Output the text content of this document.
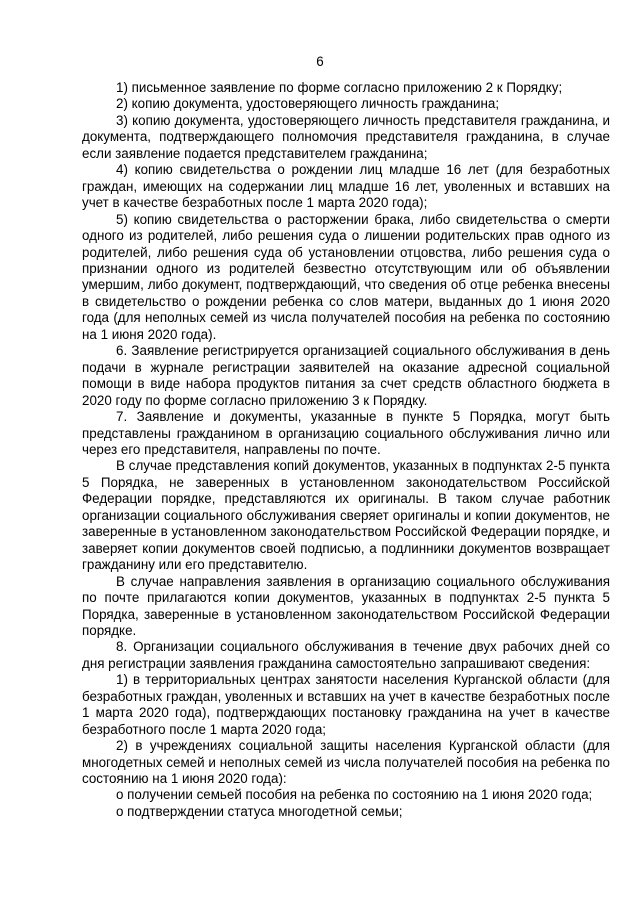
6

1) письменное заявление по форме согласно приложению 2 к Порядку;

2) копию документа, удостоверяющего личность гражданина;

3) копию документа, удостоверяющего личность представителя гражданина, и документа, подтверждающего полномочия представителя гражданина, в случае если заявление подается представителем гражданина;

4) копию свидетельства о рождении лиц младше 16 лет (для безработных граждан, имеющих на содержании лиц младше 16 лет, уволенных и вставших на учет в качестве безработных после 1 марта 2020 года);

5) копию свидетельства о расторжении брака, либо свидетельства о смерти одного из родителей, либо решения суда о лишении родительских прав одного из родителей, либо решения суда об установлении отцовства, либо решения суда о признании одного из родителей безвестно отсутствующим или об объявлении умершим, либо документ, подтверждающий, что сведения об отце ребенка внесены в свидетельство о рождении ребенка со слов матери, выданных до 1 июня 2020 года (для неполных семей из числа получателей пособия на ребенка по состоянию на 1 июня 2020 года).

6. Заявление регистрируется организацией социального обслуживания в день подачи в журнале регистрации заявителей на оказание адресной социальной помощи в виде набора продуктов питания за счет средств областного бюджета в 2020 году по форме согласно приложению 3 к Порядку.

7. Заявление и документы, указанные в пункте 5 Порядка, могут быть представлены гражданином в организацию социального обслуживания лично или через его представителя, направлены по почте.

В случае представления копий документов, указанных в подпунктах 2-5 пункта 5 Порядка, не заверенных в установленном законодательством Российской Федерации порядке, представляются их оригиналы. В таком случае работник организации социального обслуживания сверяет оригиналы и копии документов, не заверенные в установленном законодательством Российской Федерации порядке, и заверяет копии документов своей подписью, а подлинники документов возвращает гражданину или его представителю.

В случае направления заявления в организацию социального обслуживания по почте прилагаются копии документов, указанных в подпунктах 2-5 пункта 5 Порядка, заверенные в установленном законодательством Российской Федерации порядке.

8. Организации социального обслуживания в течение двух рабочих дней со дня регистрации заявления гражданина самостоятельно запрашивают сведения:

1) в территориальных центрах занятости населения Курганской области (для безработных граждан, уволенных и вставших на учет в качестве безработных после 1 марта 2020 года), подтверждающих постановку гражданина на учет в качестве безработного после 1 марта 2020 года;

2) в учреждениях социальной защиты населения Курганской области (для многодетных семей и неполных семей из числа получателей пособия на ребенка по состоянию на 1 июня 2020 года):

о получении семьей пособия на ребенка по состоянию на 1 июня 2020 года;

о подтверждении статуса многодетной семьи;
